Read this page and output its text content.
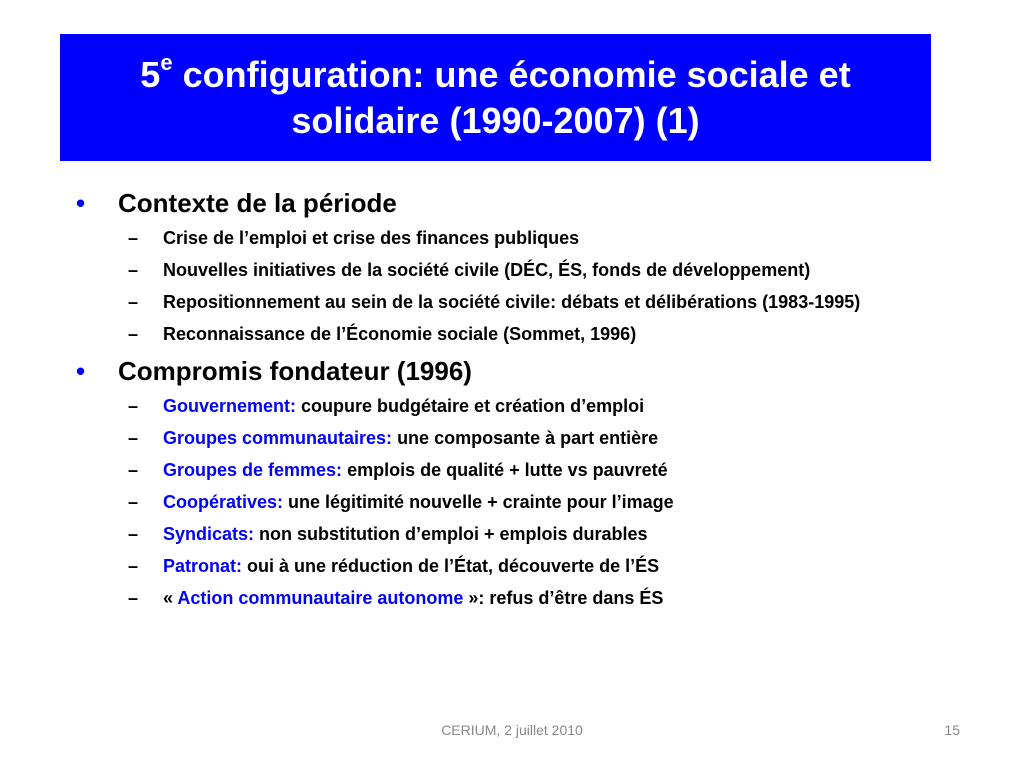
5e configuration: une économie sociale et
solidaire (1990-2007) (1)
• Contexte de la période
– Crise de l’emploi et crise des finances publiques
– Nouvelles initiatives de la société civile (DÉC, ÉS, fonds de développement)
– Repositionnement au sein de la société civile: débats et délibérations (1983-1995)
– Reconnaissance de l’Économie sociale (Sommet, 1996)
• Compromis fondateur (1996)
– Gouvernement: coupure budgétaire et création d’emploi
– Groupes communautaires: une composante à part entière
– Groupes de femmes: emplois de qualité + lutte vs pauvreté
– Coopératives: une légitimité nouvelle + crainte pour l’image
– Syndicats: non substitution d’emploi + emplois durables
– Patronat: oui à une réduction de l’État, découverte de l’ÉS
– « Action communautaire autonome »: refus d’être dans ÉS
CERIUM, 2 juillet 2010	15
